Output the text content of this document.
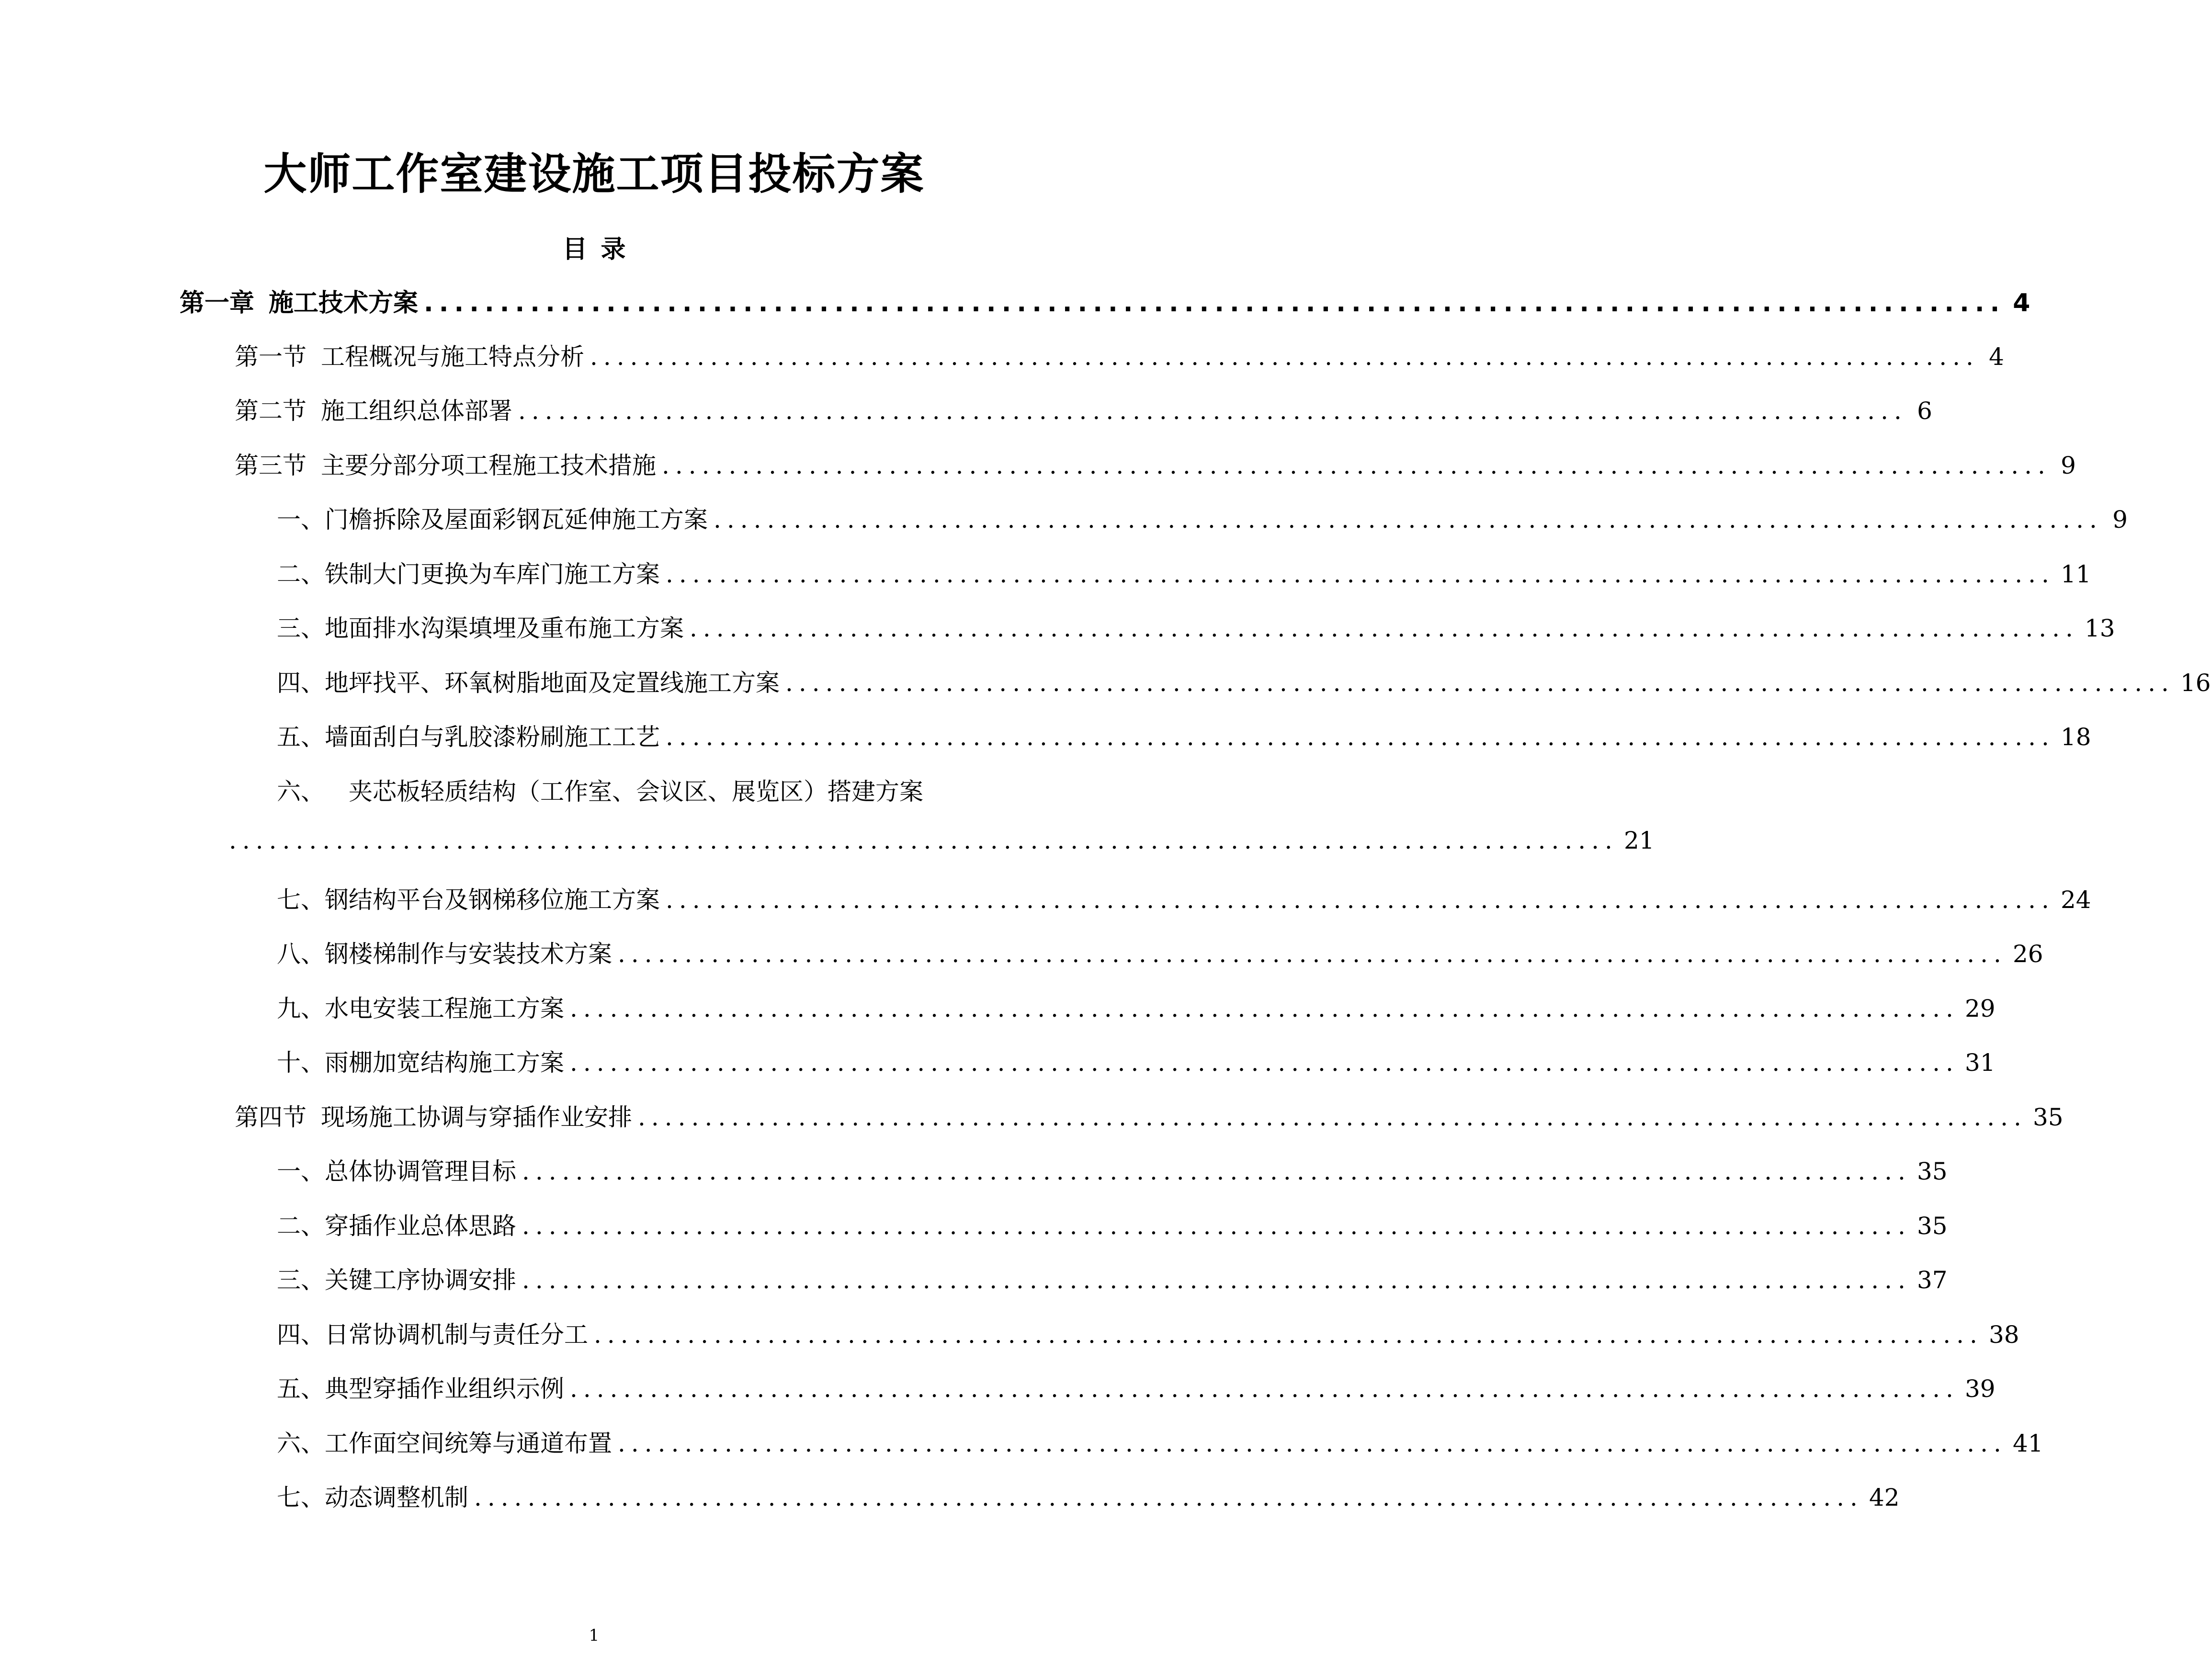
大师工作室建设施工项目投标方案
目 录
第一章 施工技术方案 ........................................................................................................ 4
第一节 工程概况与施工特点分析 ........................................................................................................ 4
第二节 施工组织总体部署 ........................................................................................................ 6
第三节 主要分部分项工程施工技术措施 ........................................................................................................ 9
一、 门檐拆除及屋面彩钢瓦延伸施工方案 ........................................................................................................ 9
二、 铁制大门更换为车库门施工方案 ........................................................................................................ 11
三、 地面排水沟渠填埋及重布施工方案 ........................................................................................................ 13
四、 地坪找平、环氧树脂地面及定置线施工方案 ........................................................................................................ 16
五、 墙面刮白与乳胶漆粉刷施工工艺 ........................................................................................................ 18
六、	夹芯板轻质结构（工作室、会议区、展览区）搭建方案
........................................................................................................ 21
七、 钢结构平台及钢梯移位施工方案 ........................................................................................................ 24
八、 钢楼梯制作与安装技术方案 ........................................................................................................ 26
九、 水电安装工程施工方案 ........................................................................................................ 29
十、 雨棚加宽结构施工方案 ........................................................................................................ 31
第四节 现场施工协调与穿插作业安排 ........................................................................................................ 35
一、 总体协调管理目标 ........................................................................................................ 35
二、 穿插作业总体思路 ........................................................................................................ 35
三、 关键工序协调安排 ........................................................................................................ 37
四、 日常协调机制与责任分工 ........................................................................................................ 38
五、 典型穿插作业组织示例 ........................................................................................................ 39
六、 工作面空间统筹与通道布置 ........................................................................................................ 41
七、 动态调整机制 ........................................................................................................ 42
1
